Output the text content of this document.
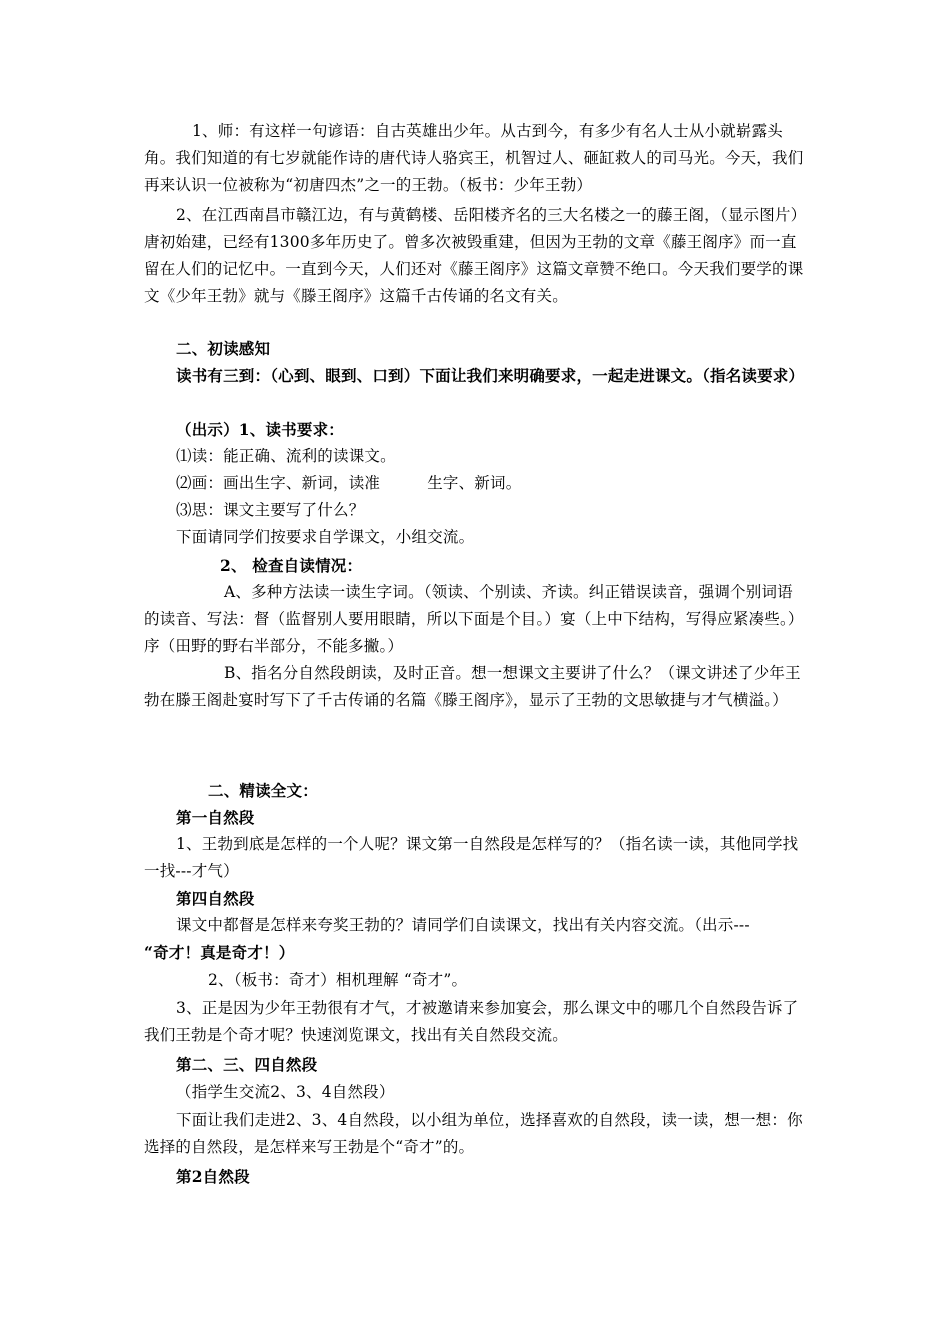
1、师：有这样一句谚语：自古英雄出少年。从古到今，有多少有名人士从小就崭露头角。我们知道的有七岁就能作诗的唐代诗人骆宾王，机智过人、砸缸救人的司马光。今天，我们再来认识一位被称为“初唐四杰”之一的王勃。（板书：少年王勃）
2、在江西南昌市赣江边，有与黄鹤楼、岳阳楼齐名的三大名楼之一的藤王阁，（显示图片）唐初始建，已经有1300多年历史了。曾多次被毁重建，但因为王勃的文章《藤王阁序》而一直留在人们的记忆中。一直到今天，人们还对《藤王阁序》这篇文章赞不绝口。今天我们要学的课文《少年王勃》就与《滕王阁序》这篇千古传诵的名文有关。
二、初读感知
读书有三到：（心到、眼到、口到）下面让我们来明确要求，一起走进课文。（指名读要求）
（出示）1、读书要求：
⑴读：能正确、流利的读课文。
⑵画：画出生字、新词，读准　　　生字、新词。
⑶思：课文主要写了什么？
下面请同学们按要求自学课文，小组交流。
2、 检查自读情况：
A、多种方法读一读生字词。（领读、个别读、齐读。纠正错误读音，强调个别词语的读音、写法：督（监督别人要用眼睛，所以下面是个目。）宴（上中下结构，写得应紧凑些。）序（田野的野右半部分，不能多撇。）
B、指名分自然段朗读，及时正音。想一想课文主要讲了什么？（课文讲述了少年王勃在滕王阁赴宴时写下了千古传诵的名篇《滕王阁序》，显示了王勃的文思敏捷与才气横溢。）
二、精读全文：
第一自然段
1、王勃到底是怎样的一个人呢？课文第一自然段是怎样写的？（指名读一读，其他同学找一找---才气）
第四自然段
课文中都督是怎样来夸奖王勃的？请同学们自读课文，找出有关内容交流。（出示---
“奇才！真是奇才！）
2、（板书：奇才）相机理解 “奇才”。
3、正是因为少年王勃很有才气，才被邀请来参加宴会，那么课文中的哪几个自然段告诉了我们王勃是个奇才呢？快速浏览课文，找出有关自然段交流。
第二、三、四自然段
（指学生交流2、3、4自然段）
下面让我们走进2、3、4自然段，以小组为单位，选择喜欢的自然段，读一读，想一想：你选择的自然段，是怎样来写王勃是个“奇才”的。
第2自然段
